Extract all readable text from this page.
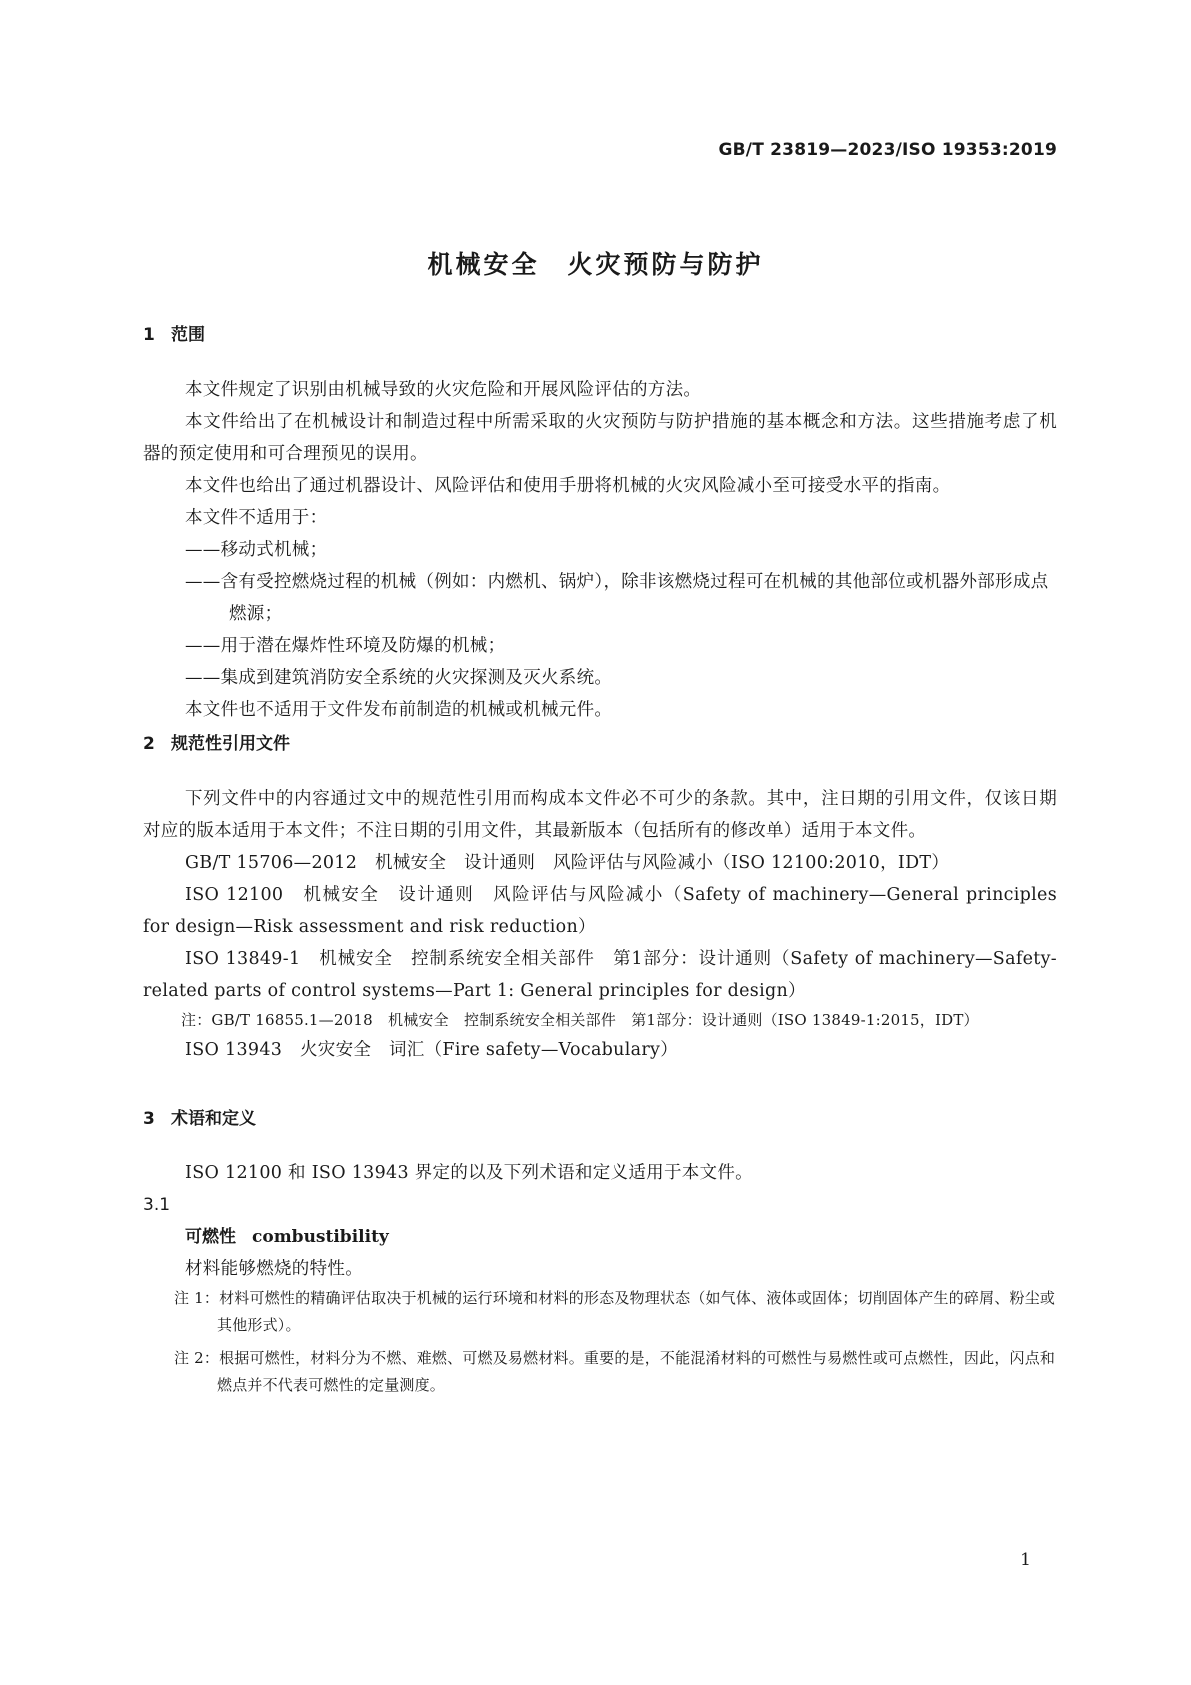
GB/T 23819—2023/ISO 19353:2019
机械安全　火灾预防与防护
1 范围
本文件规定了识别由机械导致的火灾危险和开展风险评估的方法。
本文件给出了在机械设计和制造过程中所需采取的火灾预防与防护措施的基本概念和方法。这些措施考虑了机器的预定使用和可合理预见的误用。
本文件也给出了通过机器设计、风险评估和使用手册将机械的火灾风险减小至可接受水平的指南。
本文件不适用于：
——移动式机械；
——含有受控燃烧过程的机械（例如：内燃机、锅炉），除非该燃烧过程可在机械的其他部位或机器外部形成点燃源；
——用于潜在爆炸性环境及防爆的机械；
——集成到建筑消防安全系统的火灾探测及灭火系统。
本文件也不适用于文件发布前制造的机械或机械元件。
2 规范性引用文件
下列文件中的内容通过文中的规范性引用而构成本文件必不可少的条款。其中，注日期的引用文件，仅该日期对应的版本适用于本文件；不注日期的引用文件，其最新版本（包括所有的修改单）适用于本文件。
GB/T 15706—2012　机械安全　设计通则　风险评估与风险减小（ISO 12100:2010，IDT）
ISO 12100　机械安全　设计通则　风险评估与风险减小（Safety of machinery—General principles for design—Risk assessment and risk reduction）
ISO 13849-1　机械安全　控制系统安全相关部件　第1部分：设计通则（Safety of machinery—Safety-related parts of control systems—Part 1: General principles for design）
注：GB/T 16855.1—2018　机械安全　控制系统安全相关部件　第1部分：设计通则（ISO 13849-1:2015，IDT）
ISO 13943　火灾安全　词汇（Fire safety—Vocabulary）
3 术语和定义
ISO 12100 和 ISO 13943 界定的以及下列术语和定义适用于本文件。
3.1
可燃性 combustibility
材料能够燃烧的特性。
注 1：材料可燃性的精确评估取决于机械的运行环境和材料的形态及物理状态（如气体、液体或固体；切削固体产生的碎屑、粉尘或其他形式）。
注 2：根据可燃性，材料分为不燃、难燃、可燃及易燃材料。重要的是，不能混淆材料的可燃性与易燃性或可点燃性，因此，闪点和燃点并不代表可燃性的定量测度。
1
